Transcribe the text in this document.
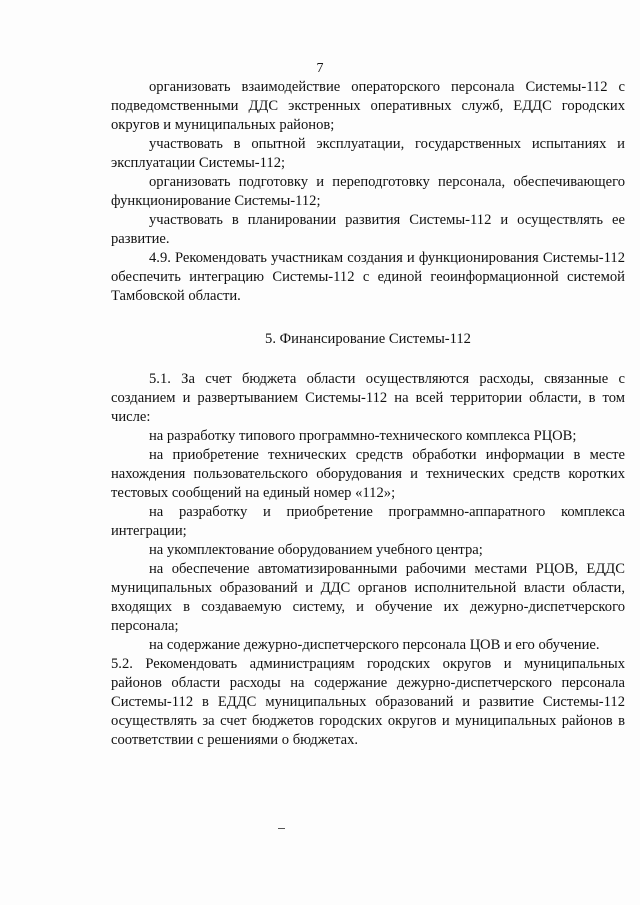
7

организовать взаимодействие операторского персонала Системы-112 с подведомственными ДДС экстренных оперативных служб, ЕДДС городских округов и муниципальных районов;

участвовать в опытной эксплуатации, государственных испытаниях и эксплуатации Системы-112;

организовать подготовку и переподготовку персонала, обеспечивающего функционирование Системы-112;

участвовать в планировании развития Системы-112 и осуществлять ее развитие.

4.9. Рекомендовать участникам создания и функционирования Системы-112 обеспечить интеграцию Системы-112 с единой геоинформационной системой Тамбовской области.

5. Финансирование Системы-112

5.1. За счет бюджета области осуществляются расходы, связанные с созданием и развертыванием Системы-112 на всей территории области, в том числе:

на разработку типового программно-технического комплекса РЦОВ;

на приобретение технических средств обработки информации в месте нахождения пользовательского оборудования и технических средств коротких тестовых сообщений на единый номер «112»;

на разработку и приобретение программно-аппаратного комплекса интеграции;

на укомплектование оборудованием учебного центра;

на обеспечение автоматизированными рабочими местами РЦОВ, ЕДДС муниципальных образований и ДДС органов исполнительной власти области, входящих в создаваемую систему, и обучение их дежурно-диспетчерского персонала;

на содержание дежурно-диспетчерского персонала ЦОВ и его обучение.

5.2. Рекомендовать администрациям городских округов и муниципальных районов области расходы на содержание дежурно-диспетчерского персонала Системы-112 в ЕДДС муниципальных образований и развитие Системы-112 осуществлять за счет бюджетов городских округов и муниципальных районов в соответствии с решениями о бюджетах.
